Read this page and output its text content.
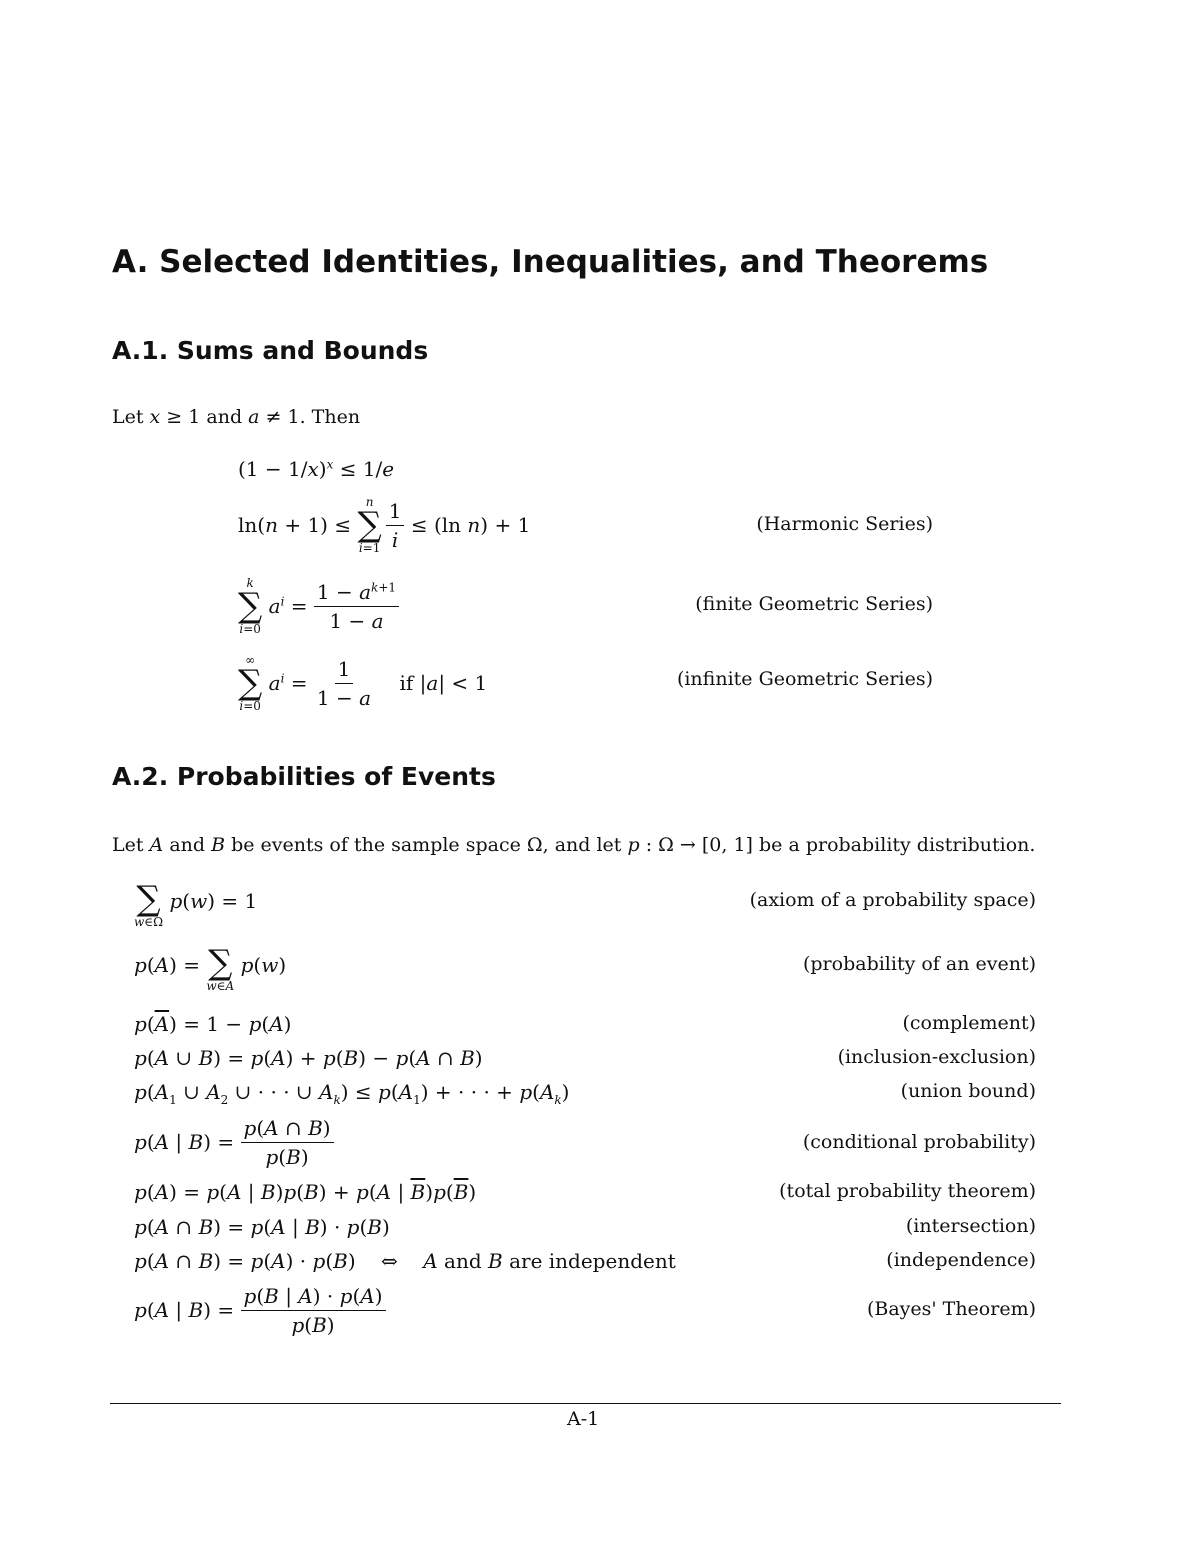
A. Selected Identities, Inequalities, and Theorems
A.1. Sums and Bounds
Let x ≥ 1 and a ≠ 1. Then
$(1 - 1/x)^x \le 1/e$
ln(n + 1) ≤
n
∑
$i=1 \frac{1}{i} \le (\ln$ n) + 1	(Harmonic Series)
k
∑
i=0
$a^i = \frac{1 - a^{k+1}}{1 - a}$	(finite Geometric Series)
∞
∑
i=0
$a^i = \frac{1}{1 - a}$ if |a| < 1	(infinite Geometric Series)
A.2. Probabilities of Events
Let A and B be events of the sample space Ω, and let p : Ω → [0, 1] be a probability distribution.
∑
w∈Ω
p(w) = 1	(axiom of a probability space)
p(A) = ∑
w∈A
p(w)	(probability of an event)
$p(\overline{A}) = 1 - p(A)$	(complement)
p(A ∪ B) = p(A) + p(B) − p(A ∩ B)	(inclusion-exclusion)
$p(A_1$ ∪ $A_2$ ∪ · · · ∪ $A_k) \le p(A_1)$ + · · · + $p(A_k)$	(union bound)
p(A | $B) = \frac{p(A \cap B)}{p(B)}$	(conditional probability)
p(A) = p(A | B)p(B) + p(A | $\overline{B})p(\overline{B})$	(total probability theorem)
p(A ∩ B) = p(A | B) · p(B)	(intersection)
p(A ∩ B) = p(A) · p(B)    ⇔    A and B are independent	(independence)
p(A | $B) = \frac{p(B | A) \cdot p(A)}{p(B)}$	(Bayes' Theorem)
A-1
